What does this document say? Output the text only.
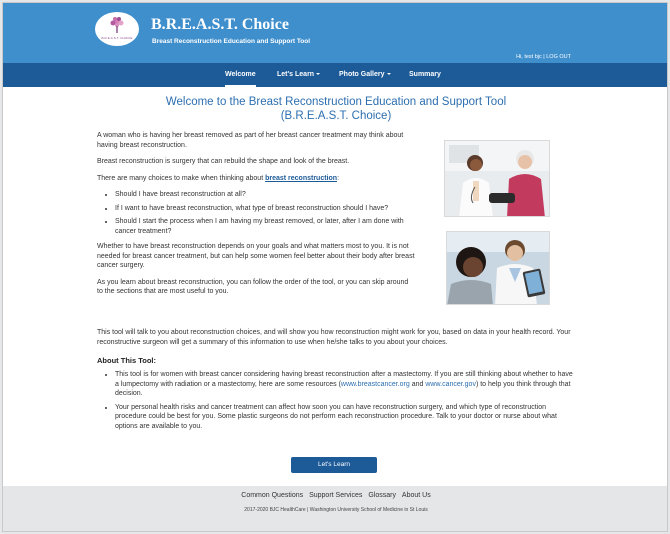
B.R.E.A.S.T. CHOICE
B.R.E.A.S.T. Choice
Breast Reconstruction Education and Support Tool
Hi, test bjc | LOG OUT
Welcome	Let's Learn	Photo Gallery	Summary
Welcome to the Breast Reconstruction Education and Support Tool
(B.R.E.A.S.T. Choice)

A woman who is having her breast removed as part of her breast cancer treatment may think about having breast reconstruction.

Breast reconstruction is surgery that can rebuild the shape and look of the breast.

There are many choices to make when thinking about breast reconstruction:

• Should I have breast reconstruction at all?
• If I want to have breast reconstruction, what type of breast reconstruction should I have?
• Should I start the process when I am having my breast removed, or later, after I am done with cancer treatment?

Whether to have breast reconstruction depends on your goals and what matters most to you. It is not needed for breast cancer treatment, but can help some women feel better about their body after breast cancer surgery.

As you learn about breast reconstruction, you can follow the order of the tool, or you can skip around to the sections that are most useful to you.

This tool will talk to you about reconstruction choices, and will show you how reconstruction might work for you, based on data in your health record. Your reconstructive surgeon will get a summary of this information to use when he/she talks to you about your choices.
About This Tool:
• This tool is for women with breast cancer considering having breast reconstruction after a mastectomy. If you are still thinking about whether to have a lumpectomy with radiation or a mastectomy, here are some resources (www.breastcancer.org and www.cancer.gov) to help you think through that decision.
• Your personal health risks and cancer treatment can affect how soon you can have reconstruction surgery, and which type of reconstruction procedure could be best for you. Some plastic surgeons do not perform each reconstruction procedure. Talk to your doctor or nurse about what options are available to you.
Let's Learn
Common Questions Support Services Glossary About Us
2017-2020 BJC HealthCare | Washington University School of Medicine in St Louis
